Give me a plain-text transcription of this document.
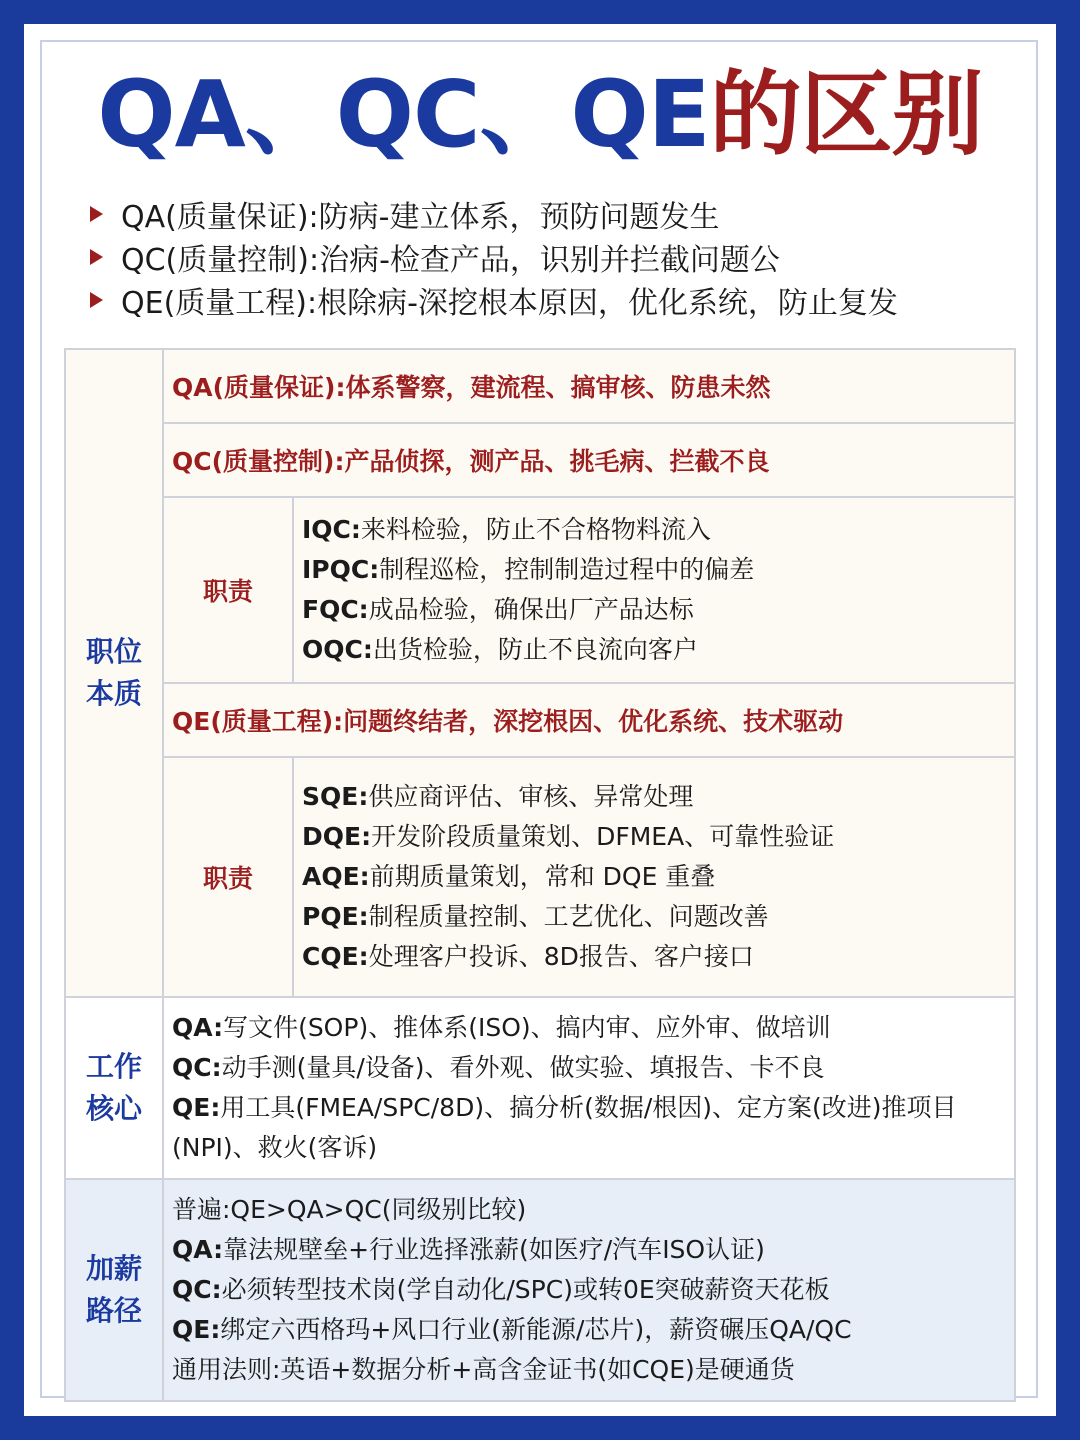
QA、QC、QE的区别
QA(质量保证):防病-建立体系，预防问题发生
QC(质量控制):治病-检查产品，识别并拦截问题公
QE(质量工程):根除病-深挖根本原因，优化系统，防止复发
职位本质	QA(质量保证):体系警察，建流程、搞审核、防患未然	
	QC(质量控制):产品侦探，测产品、挑毛病、拦截不良	
	职责	IQC:来料检验，防止不合格物料流入
IPQC:制程巡检，控制制造过程中的偏差
FQC:成品检验，确保出厂产品达标
OQC:出货检验，防止不良流向客户

	QE(质量工程):问题终结者，深挖根因、优化系统、技术驱动	
	职责	SQE:供应商评估、审核、异常处理
DQE:开发阶段质量策划、DFMEA、可靠性验证
AQE:前期质量策划，常和 DQE 重叠
PQE:制程质量控制、工艺优化、问题改善
CQE:处理客户投诉、8D报告、客户接口

工作核心	QA:写文件(SOP)、推体系(ISO)、搞内审、应外审、做培训
QC:动手测(量具/设备)、看外观、做实验、填报告、卡不良
QE:用工具(FMEA/SPC/8D)、搞分析(数据/根因)、定方案(改进)推项目
(NPI)、救火(客诉)	

加薪路径	普遍:QE>QA>QC(同级别比较)
QA:靠法规壁垒+行业选择涨薪(如医疗/汽车ISO认证)
QC:必须转型技术岗(学自动化/SPC)或转0E突破薪资天花板
QE:绑定六西格玛+风口行业(新能源/芯片)，薪资碾压QA/QC
通用法则:英语+数据分析+高含金证书(如CQE)是硬通货	
